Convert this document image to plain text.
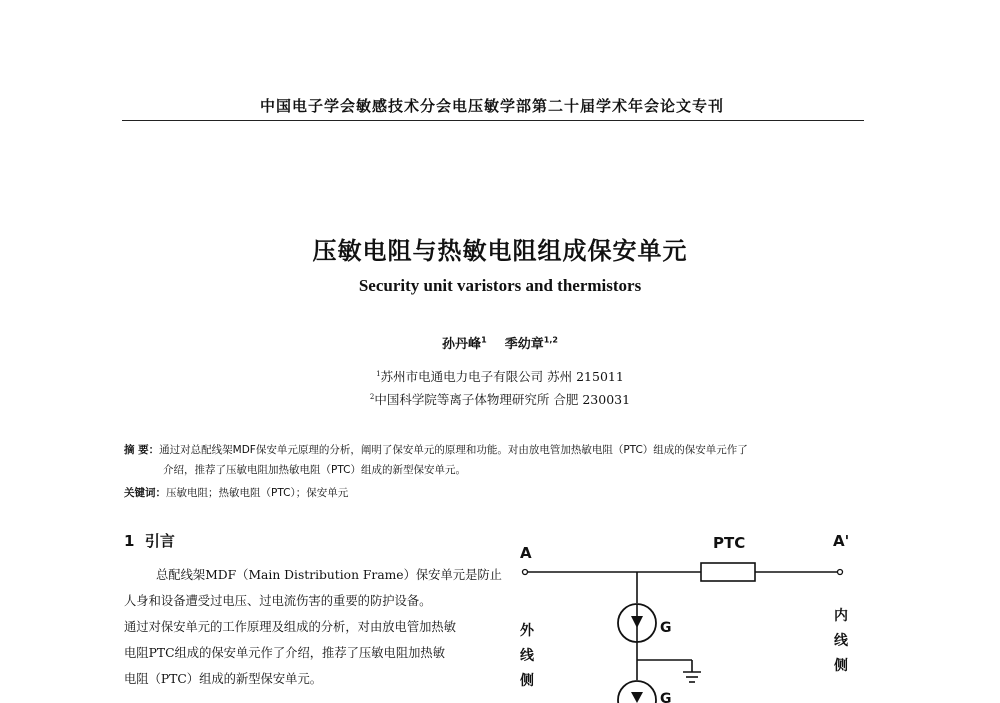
中国电子学会敏感技术分会电压敏学部第二十届学术年会论文专刊
压敏电阻与热敏电阻组成保安单元
Security unit varistors and thermistors
孙丹峰$^1$ 季幼章$^{1,2}$
$^1$苏州市电通电力电子有限公司 苏州 215011
$^2$中国科学院等离子体物理研究所 合肥 230031
摘 要：通过对总配线架MDF保安单元原理的分析，阐明了保安单元的原理和功能。对由放电管加热敏电阻（PTC）组成的保安单元作了
介绍，推荐了压敏电阻加热敏电阻（PTC）组成的新型保安单元。
关键词：压敏电阻；热敏电阻（PTC）；保安单元
1 引言
总配线架MDF（Main Distribution Frame）保安单元是防止
人身和设备遭受过电压、过电流伤害的重要的防护设备。
通过对保安单元的工作原理及组成的分析，对由放电管加热敏
电阻PTC组成的保安单元作了介绍，推荐了压敏电阻加热敏
电阻（PTC）组成的新型保安单元。
A
A'
PTC
G
G
外
线
侧
内
线
侧
